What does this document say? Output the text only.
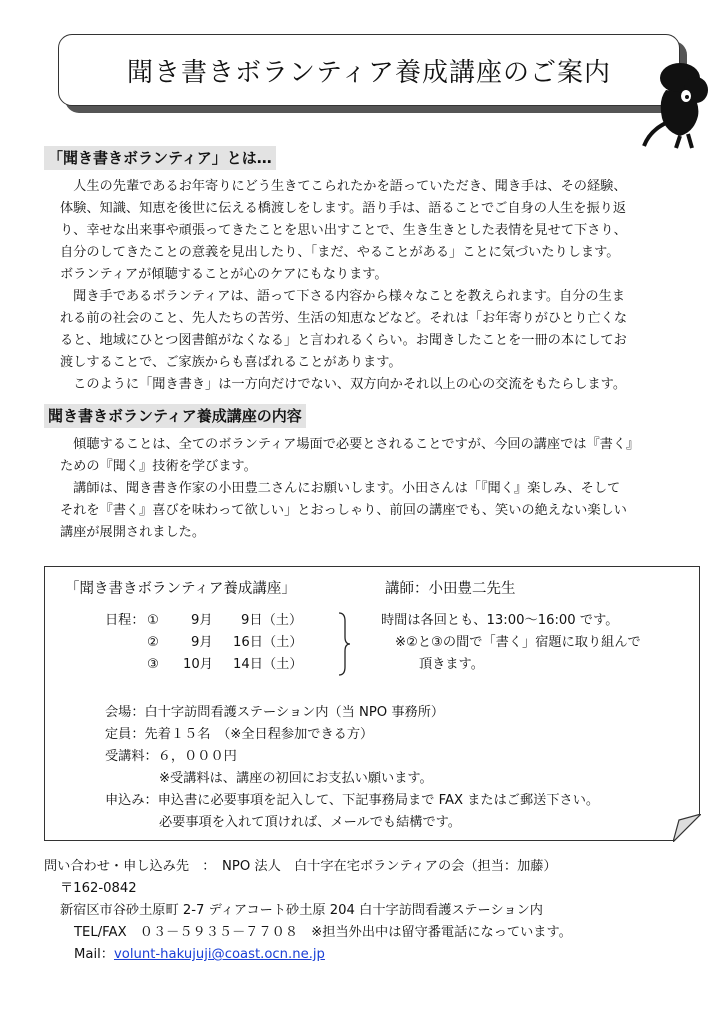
聞き書きボランティア養成講座のご案内
「聞き書きボランティア」とは…

　人生の先輩であるお年寄りにどう生きてこられたかを語っていただき、聞き手は、その経験、
体験、知識、知恵を後世に伝える橋渡しをします。語り手は、語ることでご自身の人生を振り返
り、幸せな出来事や頑張ってきたことを思い出すことで、生き生きとした表情を見せて下さり、
自分のしてきたことの意義を見出したり、「まだ、やることがある」ことに気づいたりします。
ボランティアが傾聴することが心のケアにもなります。
　聞き手であるボランティアは、語って下さる内容から様々なことを教えられます。自分の生ま
れる前の社会のこと、先人たちの苦労、生活の知恵などなど。それは「お年寄りがひとり亡くな
ると、地域にひとつ図書館がなくなる」と言われるくらい。お聞きしたことを一冊の本にしてお
渡しすることで、ご家族からも喜ばれることがあります。
　このように「聞き書き」は一方向だけでない、双方向かそれ以上の心の交流をもたらします。

聞き書きボランティア養成講座の内容

　傾聴することは、全てのボランティア場面で必要とされることですが、今回の講座では『書く』
ための『聞く』技術を学びます。
　講師は、聞き書き作家の小田豊二さんにお願いします。小田さんは「『聞く』楽しみ、そして
それを『書く』喜びを味わって欲しい」とおっしゃり、前回の講座でも、笑いの絶えない楽しい
講座が展開されました。

「聞き書きボランティア養成講座」	講師：小田豊二先生
日程： ① 9月 9日（土）
② 9月 16日（土）
③ 10月 14日（土）
時間は各回とも、13:00～16:00 です。
※②と③の間で「書く」宿題に取り組んで
頂きます。
会場：白十字訪問看護ステーション内（当 NPO 事務所）
定員：先着１５名　（※全日程参加できる方）
受講料：６，０００円
※受講料は、講座の初回にお支払い願います。
申込み：申込書に必要事項を記入して、下記事務局まで FAX またはご郵送下さい。
必要事項を入れて頂ければ、メールでも結構です。
問い合わせ・申し込み先　：　NPO 法人　白十字在宅ボランティアの会（担当：加藤）
〒162-0842
新宿区市谷砂土原町 2-7 ディアコート砂土原 204 白十字訪問看護ステーション内
TEL/FAX　０３－５９３５－７７０８　※担当外出中は留守番電話になっています。
Mail：volunt-hakujuji@coast.ocn.ne.jp
